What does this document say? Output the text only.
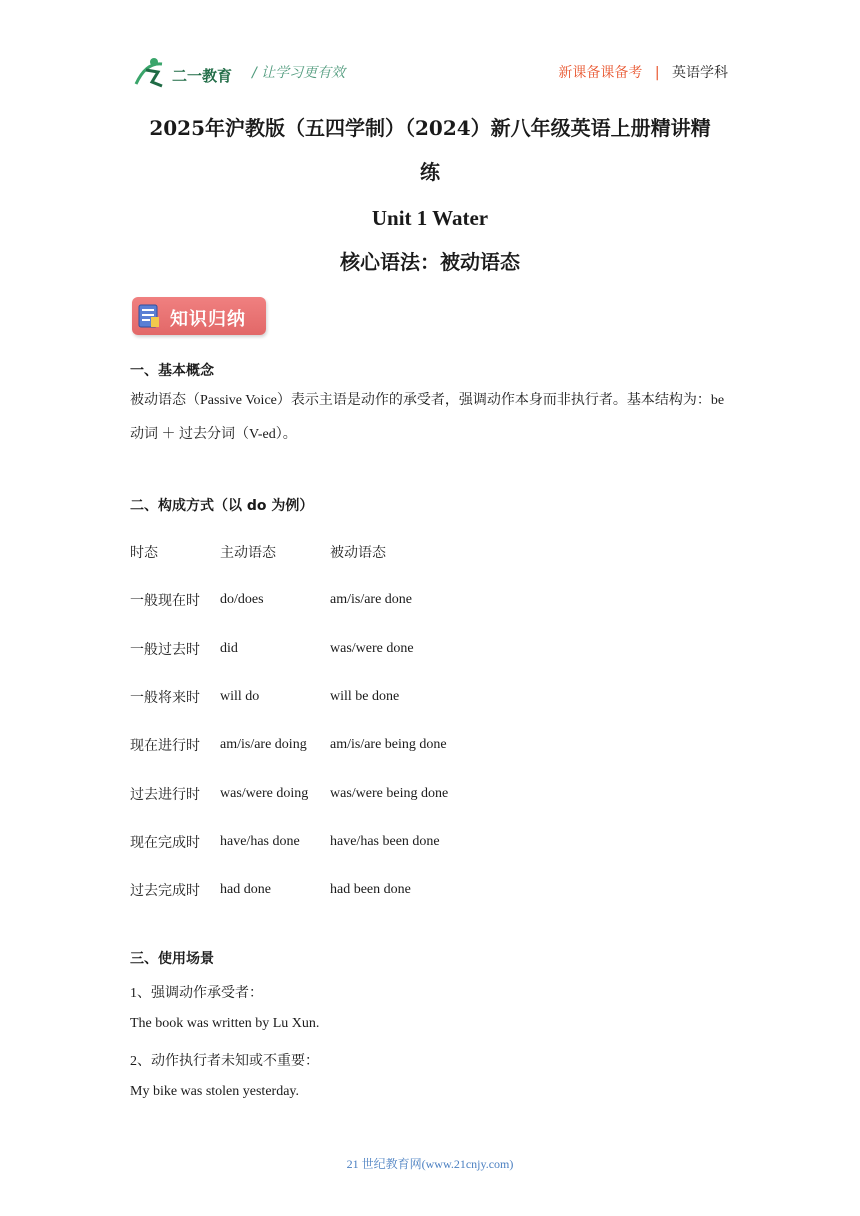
二一教育 / 让学习更有效	新课备课备考 | 英语学科
2025年沪教版（五四学制）（2024）新八年级英语上册精讲精
练
Unit 1 Water
核心语法：被动语态
知识归纳
一、基本概念
被动语态（Passive Voice）表示主语是动作的承受者，强调动作本身而非执行者。基本结构为：be 动词 ＋ 过去分词（V-ed）。
二、构成方式（以 do 为例）
时态	主动语态	被动语态
一般现在时	do/does	am/is/are done
一般过去时	did	was/were done
一般将来时	will do	will be done
现在进行时	am/is/are doing	am/is/are being done
过去进行时	was/were doing	was/were being done
现在完成时	have/has done	have/has been done
过去完成时	had done	had been done
三、使用场景
1、强调动作承受者：
The book was written by Lu Xun.
2、动作执行者未知或不重要：
My bike was stolen yesterday.
21 世纪教育网(www.21cnjy.com)
